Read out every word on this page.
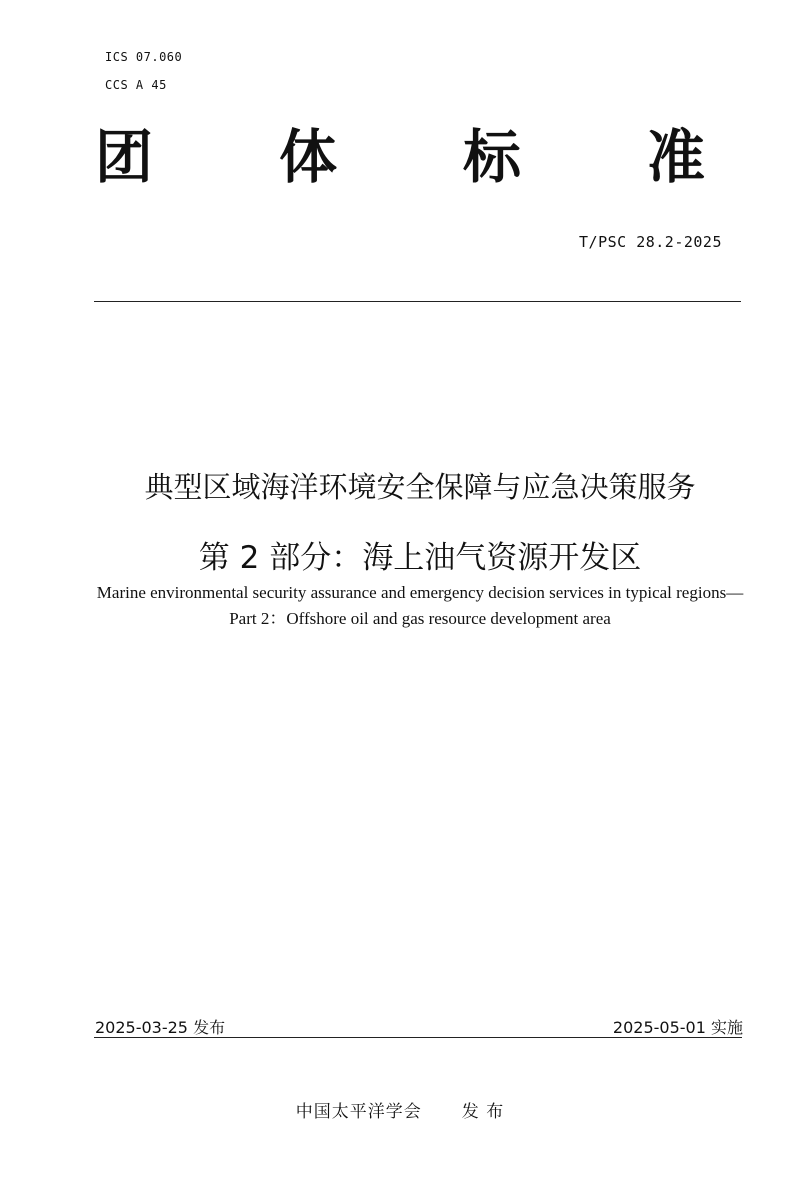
ICS 07.060
CCS A 45
团 体 标 准
T/PSC 28.2-2025
典型区域海洋环境安全保障与应急决策服务
第 2 部分：海上油气资源开发区

Marine environmental security assurance and emergency decision services in typical regions—Part 2：Offshore oil and gas resource development area

2025-03-25 发布	2025-05-01 实施
中国太平洋学会 发 布
